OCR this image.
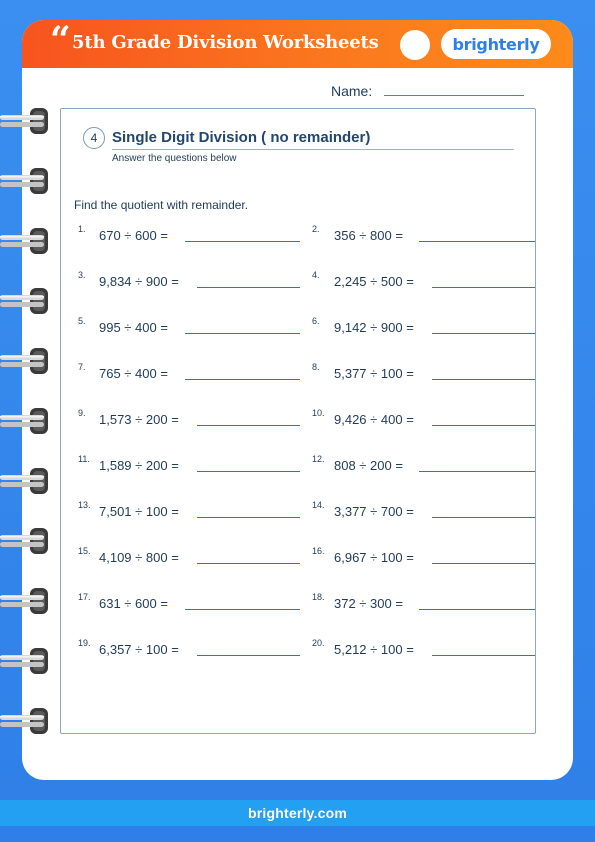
“ 5th Grade Division Worksheets	brighterly
Name:
4 Single Digit Division ( no remainder)
Answer the questions below
Find the quotient with remainder.
1. 670 ÷ 600 =	2. 356 ÷ 800 =
3. 9,834 ÷ 900 =	4. 2,245 ÷ 500 =
5. 995 ÷ 400 =	6. 9,142 ÷ 900 =
7. 765 ÷ 400 =	8. 5,377 ÷ 100 =
9. 1,573 ÷ 200 =	10. 9,426 ÷ 400 =
11. 1,589 ÷ 200 =	12. 808 ÷ 200 =
13. 7,501 ÷ 100 =	14. 3,377 ÷ 700 =
15. 4,109 ÷ 800 =	16. 6,967 ÷ 100 =
17. 631 ÷ 600 =	18. 372 ÷ 300 =
19. 6,357 ÷ 100 =	20. 5,212 ÷ 100 =
brighterly.com
